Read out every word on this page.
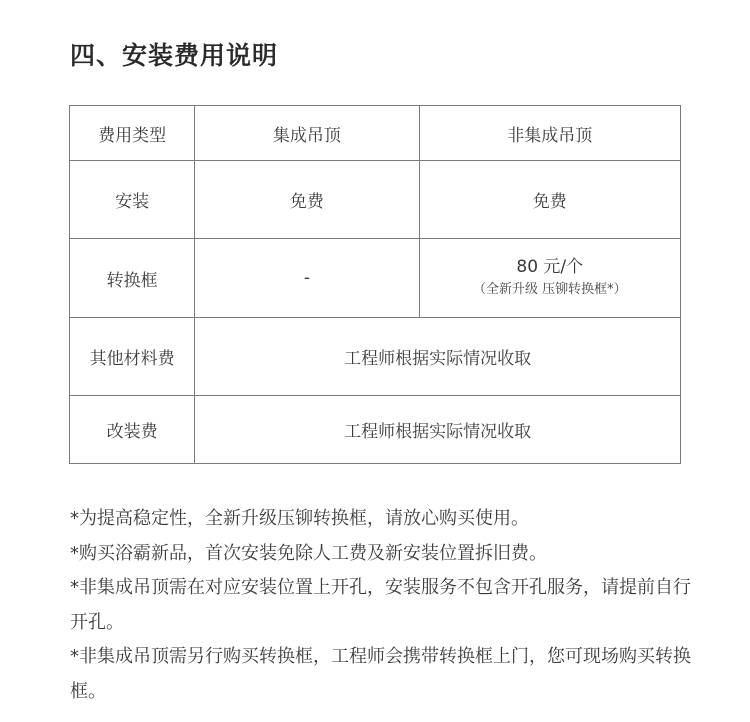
四、安装费用说明
费用类型	集成吊顶	非集成吊顶
安装	免费	免费
转换框	-	80 元/个
（全新升级 压铆转换框*）

其他材料费	工程师根据实际情况收取	
改装费	工程师根据实际情况收取	

*为提高稳定性，全新升级压铆转换框，请放心购买使用。

*购买浴霸新品，首次安装免除人工费及新安装位置拆旧费。

*非集成吊顶需在对应安装位置上开孔，安装服务不包含开孔服务，请提前自行开孔。

*非集成吊顶需另行购买转换框，工程师会携带转换框上门，您可现场购买转换框。
